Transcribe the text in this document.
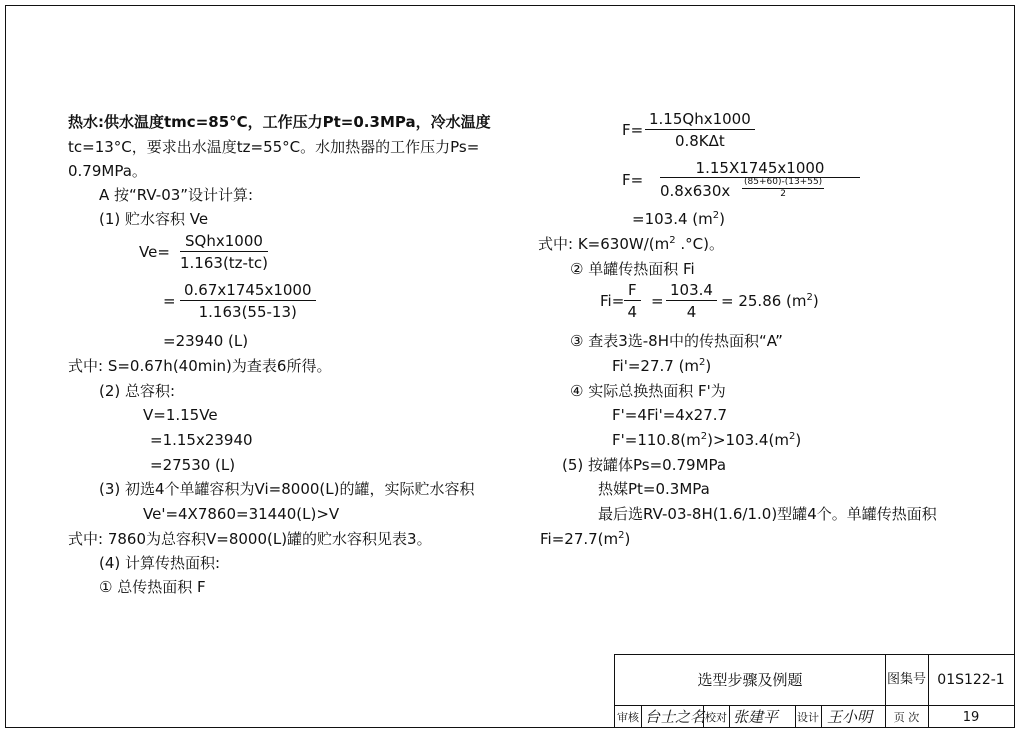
热水:供水温度tmc=85°C，工作压力Pt=0.3MPa，冷水温度
tc=13°C，要求出水温度tz=55°C。水加热器的工作压力Ps=
0.79MPa。
A 按“RV-03”设计计算:
(1) 贮水容积 Ve
Ve=
SQhx1000
1.163(tz-tc)
= $\frac{0.67x1745x1000}{1.163(55-13)}$
=23940 (L)
式中: S=0.67h(40min)为查表6所得。
(2) 总容积:
V=1.15Ve
=1.15x23940
=27530 (L)
(3) 初选4个单罐容积为Vi=8000(L)的罐，实际贮水容积
Ve'=4X7860=31440(L)>V
式中: 7860为总容积V=8000(L)罐的贮水容积见表3。
(4) 计算传热面积:
① 总传热面积 F
F=
1.15Qhx1000
0.8KΔt
F=
1.15X1745x1000
$0.8x630x \frac{(85+60)-(13+55)}{2}$
=103.4 $(m^2)$
式中: $K=630W/(m^2$ .°C)。
② 单罐传热面积 Fi
$Fi= \frac{F}{4} = \frac{103.4}{4} = 25.86$ $(m^2)$
③ 查表3选-8H中的传热面积“A”
Fi'=27.7 $(m^2)$
④ 实际总换热面积 F'为
F'=4Fi'=4x27.7
$F'=110.8(m^2)>103.4(m^2)$
(5) 按罐体Ps=0.79MPa
热媒Pt=0.3MPa
最后选RV-03-8H(1.6/1.0)型罐4个。单罐传热面积
$Fi=27.7(m^2)$
选型步骤及例题	图集号 01S122-1
审核 台士之名 校对 张建平 设计 王小明	页 次	19
